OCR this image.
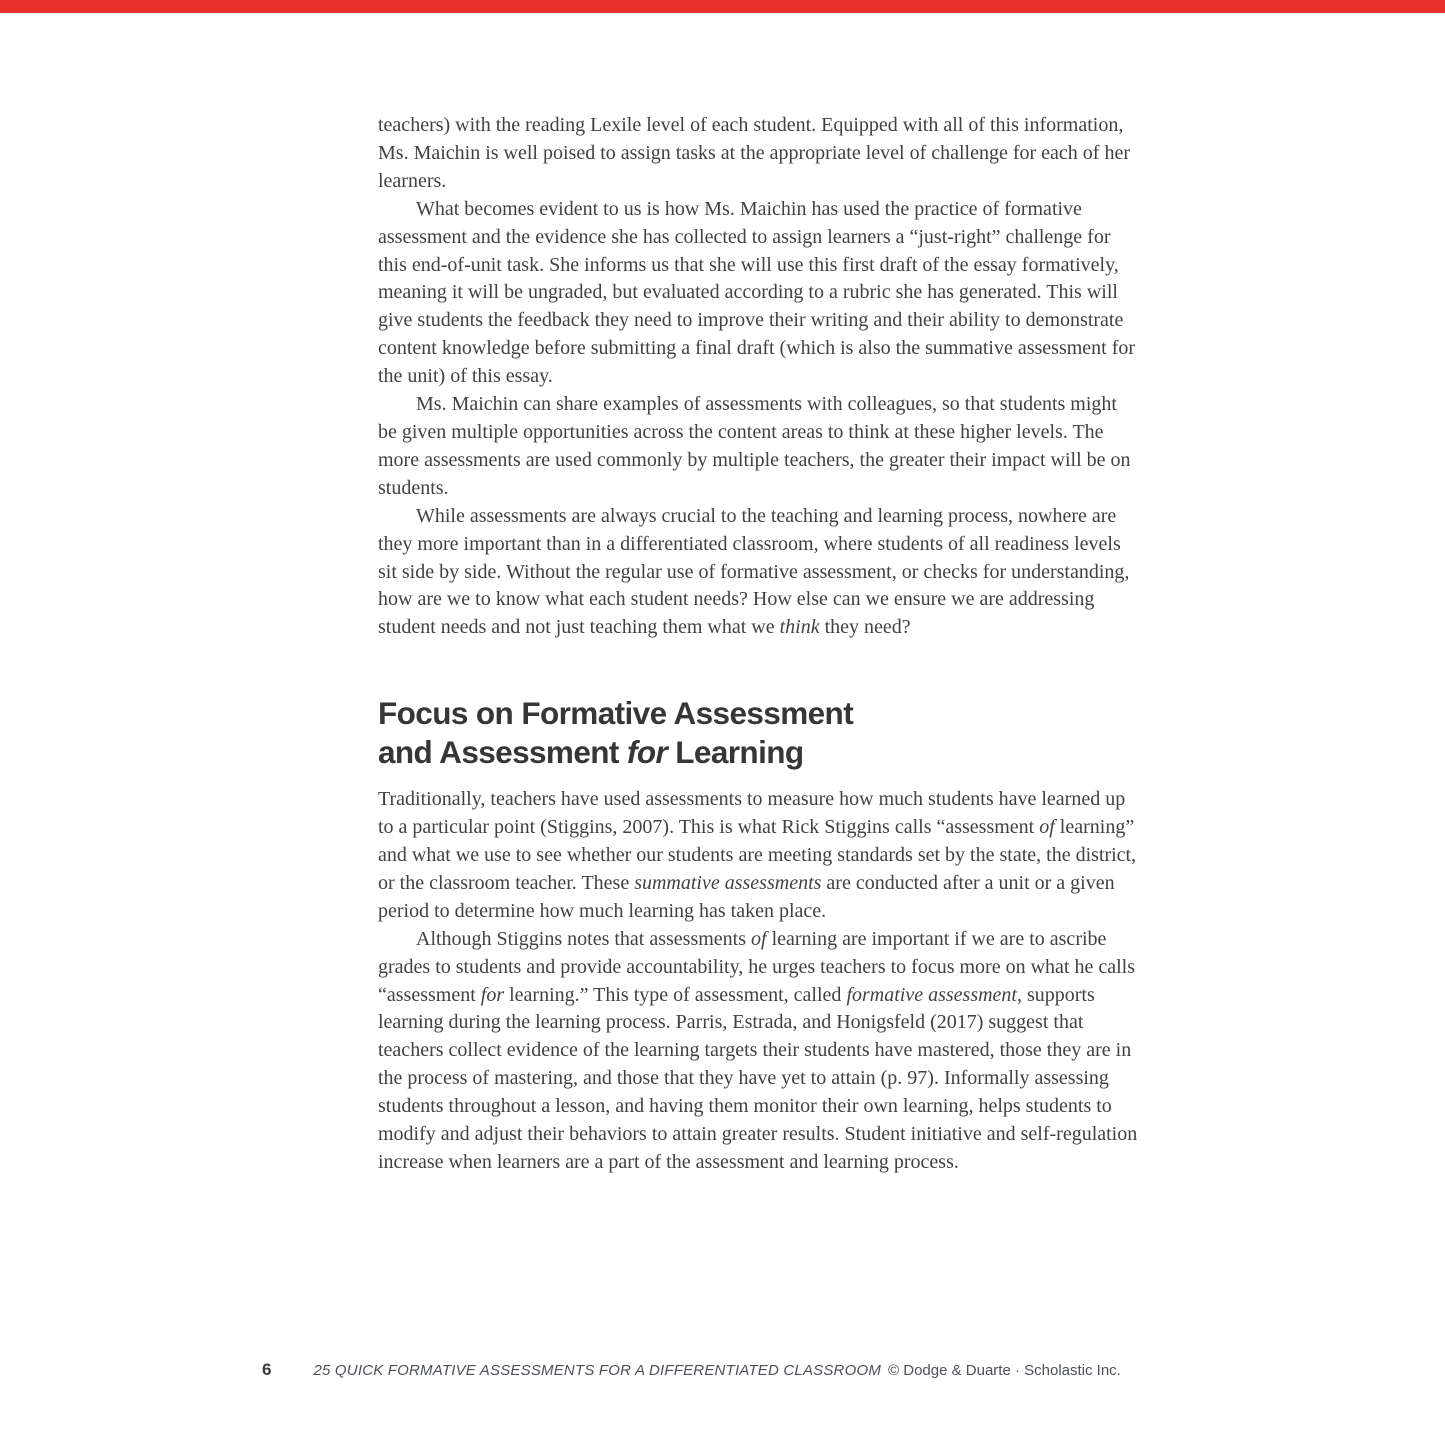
teachers) with the reading Lexile level of each student. Equipped with all of this information, Ms. Maichin is well poised to assign tasks at the appropriate level of challenge for each of her learners.

What becomes evident to us is how Ms. Maichin has used the practice of formative assessment and the evidence she has collected to assign learners a “just-right” challenge for this end-of-unit task. She informs us that she will use this first draft of the essay formatively, meaning it will be ungraded, but evaluated according to a rubric she has generated. This will give students the feedback they need to improve their writing and their ability to demonstrate content knowledge before submitting a final draft (which is also the summative assessment for the unit) of this essay.

Ms. Maichin can share examples of assessments with colleagues, so that students might be given multiple opportunities across the content areas to think at these higher levels. The more assessments are used commonly by multiple teachers, the greater their impact will be on students.

While assessments are always crucial to the teaching and learning process, nowhere are they more important than in a differentiated classroom, where students of all readiness levels sit side by side. Without the regular use of formative assessment, or checks for understanding, how are we to know what each student needs? How else can we ensure we are addressing student needs and not just teaching them what we think they need?

Focus on Formative Assessment
and Assessment for Learning

Traditionally, teachers have used assessments to measure how much students have learned up to a particular point (Stiggins, 2007). This is what Rick Stiggins calls “assessment of learning” and what we use to see whether our students are meeting standards set by the state, the district, or the classroom teacher. These summative assessments are conducted after a unit or a given period to determine how much learning has taken place.

Although Stiggins notes that assessments of learning are important if we are to ascribe grades to students and provide accountability, he urges teachers to focus more on what he calls “assessment for learning.” This type of assessment, called formative assessment, supports learning during the learning process. Parris, Estrada, and Honigsfeld (2017) suggest that teachers collect evidence of the learning targets their students have mastered, those they are in the process of mastering, and those that they have yet to attain (p. 97). Informally assessing students throughout a lesson, and having them monitor their own learning, helps students to modify and adjust their behaviors to attain greater results. Student initiative and self-regulation increase when learners are a part of the assessment and learning process.

6	25 QUICK FORMATIVE ASSESSMENTS FOR A DIFFERENTIATED CLASSROOM © Dodge & Duarte · Scholastic Inc.
